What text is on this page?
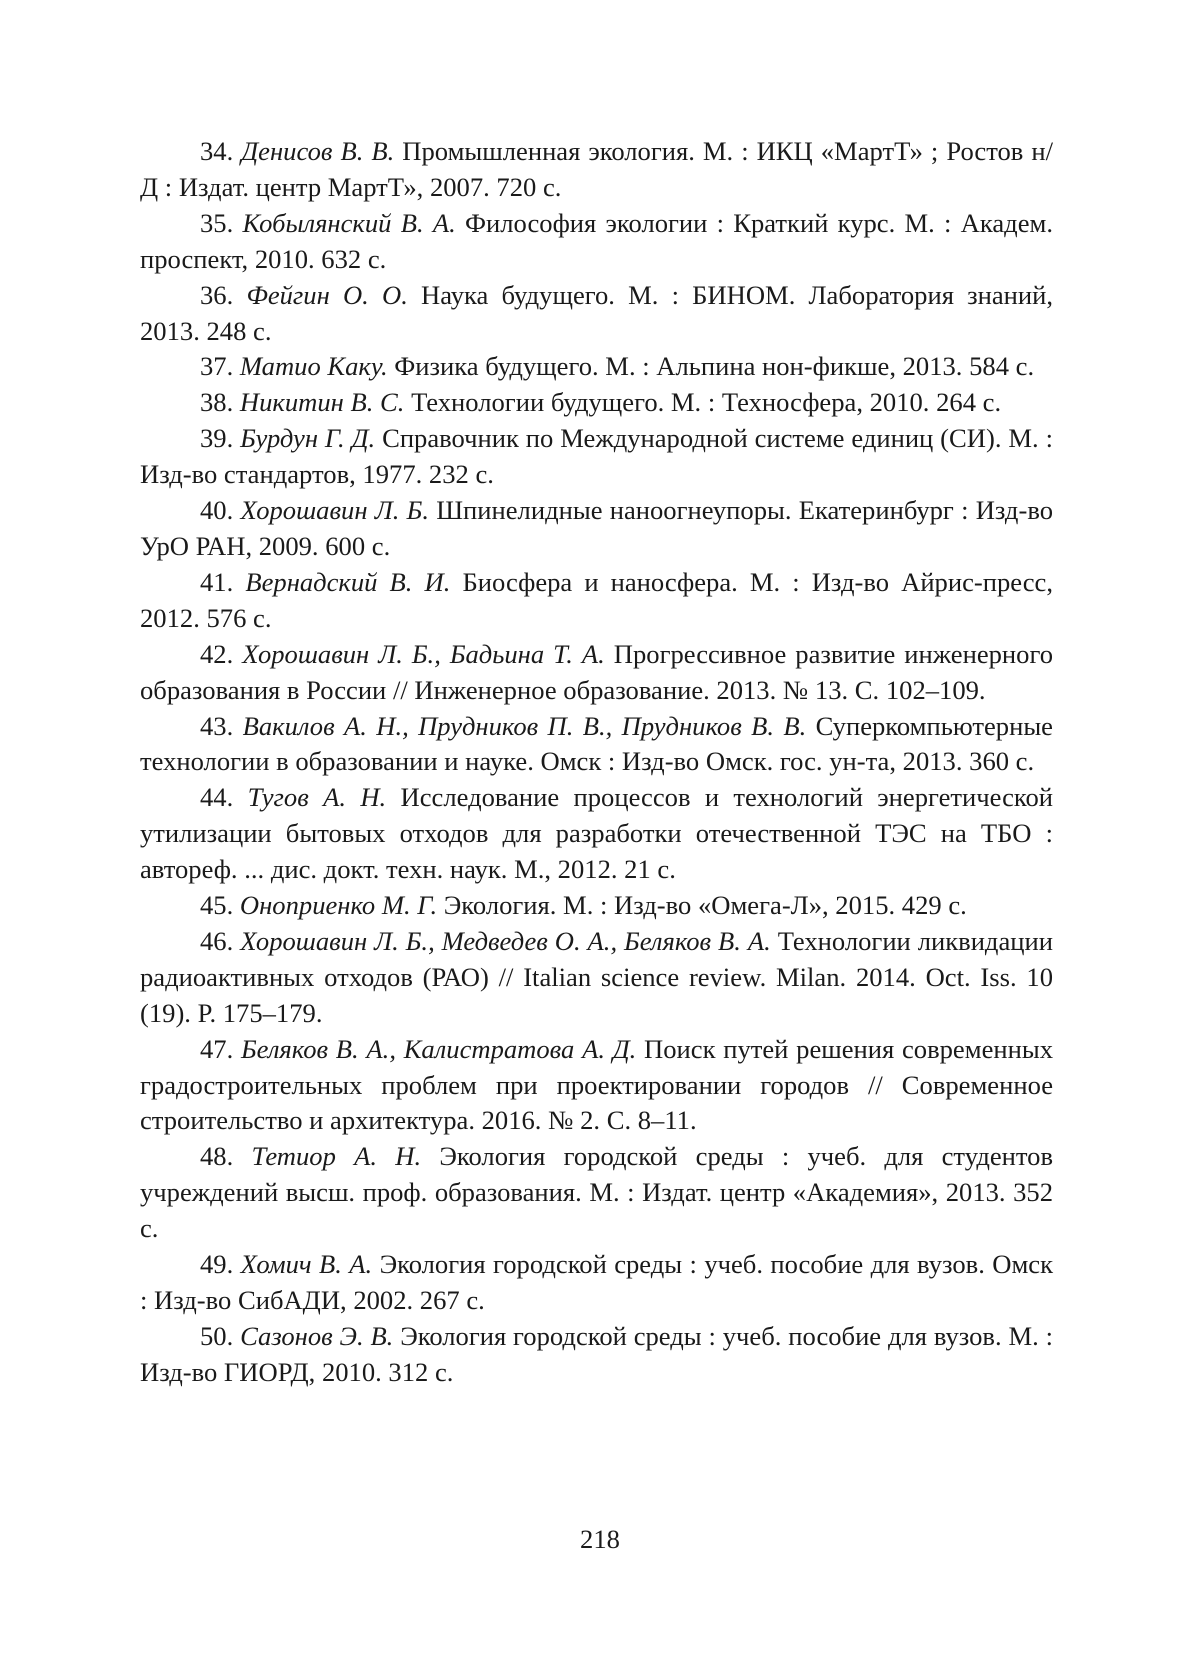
34. Денисов В. В. Промышленная экология. М. : ИКЦ «МартТ» ; Ростов н/Д : Издат. центр МартТ», 2007. 720 с.
35. Кобылянский В. А. Философия экологии : Краткий курс. М. : Академ. проспект, 2010. 632 с.
36. Фейгин О. О. Наука будущего. М. : БИНОМ. Лаборатория знаний, 2013. 248 с.
37. Матио Каку. Физика будущего. М. : Альпина нон-фикше, 2013. 584 с.
38. Никитин В. С. Технологии будущего. М. : Техносфера, 2010. 264 с.
39. Бурдун Г. Д. Справочник по Международной системе единиц (СИ). М. : Изд-во стандартов, 1977. 232 с.
40. Хорошавин Л. Б. Шпинелидные наноогнеупоры. Екатеринбург : Изд-во УрО РАН, 2009. 600 с.
41. Вернадский В. И. Биосфера и наносфера. М. : Изд-во Айрис-пресс, 2012. 576 с.
42. Хорошавин Л. Б., Бадьина Т. А. Прогрессивное развитие инженерного образования в России // Инженерное образование. 2013. № 13. С. 102–109.
43. Вакилов А. Н., Прудников П. В., Прудников В. В. Суперкомпьютерные технологии в образовании и науке. Омск : Изд-во Омск. гос. ун-та, 2013. 360 с.
44. Тугов А. Н. Исследование процессов и технологий энергетической утилизации бытовых отходов для разработки отечественной ТЭС на ТБО : автореф. ... дис. докт. техн. наук. М., 2012. 21 с.
45. Оноприенко М. Г. Экология. М. : Изд-во «Омега-Л», 2015. 429 с.
46. Хорошавин Л. Б., Медведев О. А., Беляков В. А. Технологии ликвидации радиоактивных отходов (РАО) // Italian science review. Milan. 2014. Oct. Iss. 10 (19). P. 175–179.
47. Беляков В. А., Калистратова А. Д. Поиск путей решения современных градостроительных проблем при проектировании городов // Современное строительство и архитектура. 2016. № 2. С. 8–11.
48. Тетиор А. Н. Экология городской среды : учеб. для студентов учреждений высш. проф. образования. М. : Издат. центр «Академия», 2013. 352 с.
49. Хомич В. А. Экология городской среды : учеб. пособие для вузов. Омск : Изд-во СибАДИ, 2002. 267 с.
50. Сазонов Э. В. Экология городской среды : учеб. пособие для вузов. М. : Изд-во ГИОРД, 2010. 312 с.
218
